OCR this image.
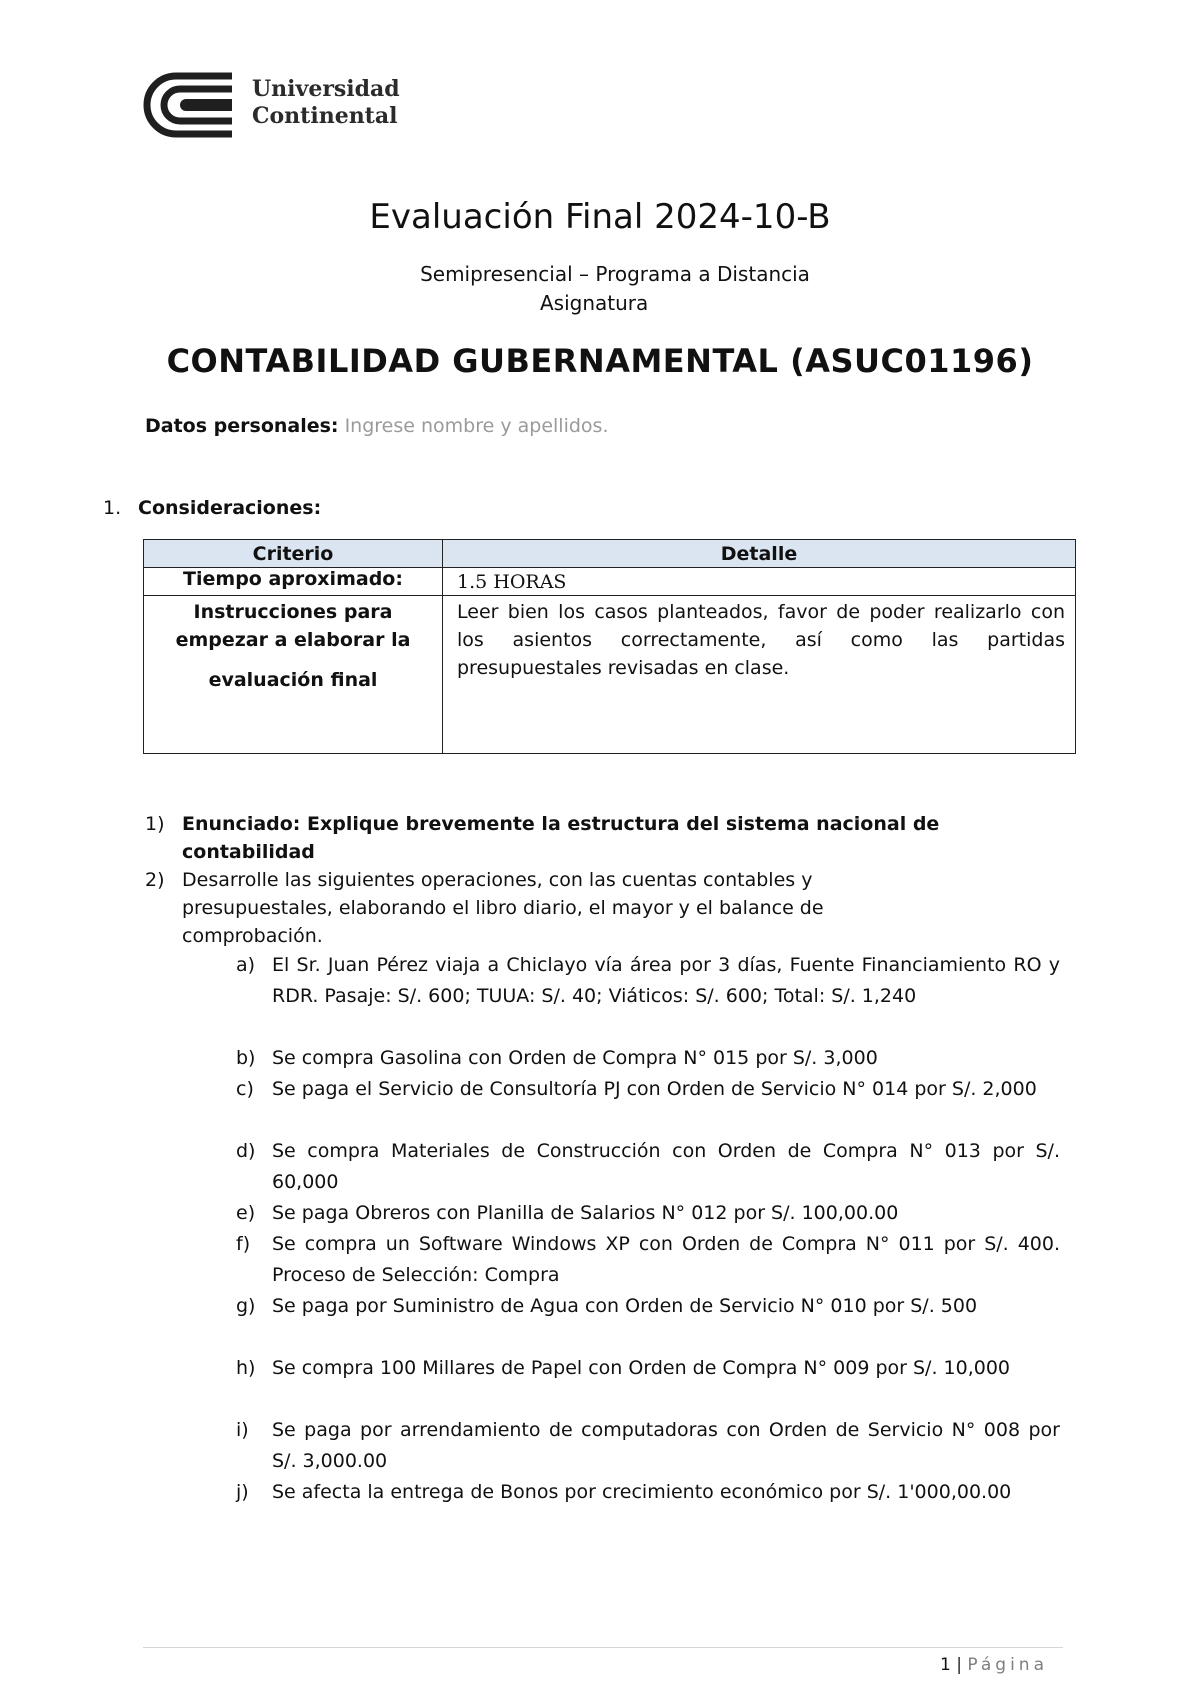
Universidad
Continental
Evaluación Final 2024-10-B
Semipresencial – Programa a Distancia
Asignatura
CONTABILIDAD GUBERNAMENTAL (ASUC01196)
Datos personales: Ingrese nombre y apellidos.
1. Consideraciones:
Criterio	Detalle
Tiempo aproximado:	1.5 HORAS

Instrucciones para
empezar a elaborar la
evaluación final	Leer bien los casos planteados, favor de poder realizarlo con los asientos correctamente, así como las partidas presupuestales revisadas en clase.
1) Enunciado: Explique brevemente la estructura del sistema nacional de
contabilidad
2) Desarrolle las siguientes operaciones, con las cuentas contables y
presupuestales, elaborando el libro diario, el mayor y el balance de
comprobación.
a) El Sr. Juan Pérez viaja a Chiclayo vía área por 3 días, Fuente Financiamiento RO y RDR. Pasaje: S/. 600; TUUA: S/. 40; Viáticos: S/. 600; Total: S/. 1,240
b) Se compra Gasolina con Orden de Compra N° 015 por S/. 3,000
c) Se paga el Servicio de Consultoría PJ con Orden de Servicio N° 014 por S/. 2,000
d) Se compra Materiales de Construcción con Orden de Compra N° 013 por S/. 60,000
e) Se paga Obreros con Planilla de Salarios N° 012 por S/. 100,00.00
f) Se compra un Software Windows XP con Orden de Compra N° 011 por S/. 400. Proceso de Selección: Compra
g) Se paga por Suministro de Agua con Orden de Servicio N° 010 por S/. 500
h) Se compra 100 Millares de Papel con Orden de Compra N° 009 por S/. 10,000
i) Se paga por arrendamiento de computadoras con Orden de Servicio N° 008 por S/. 3,000.00
j) Se afecta la entrega de Bonos por crecimiento económico por S/. 1'000,00.00
1 | Página
